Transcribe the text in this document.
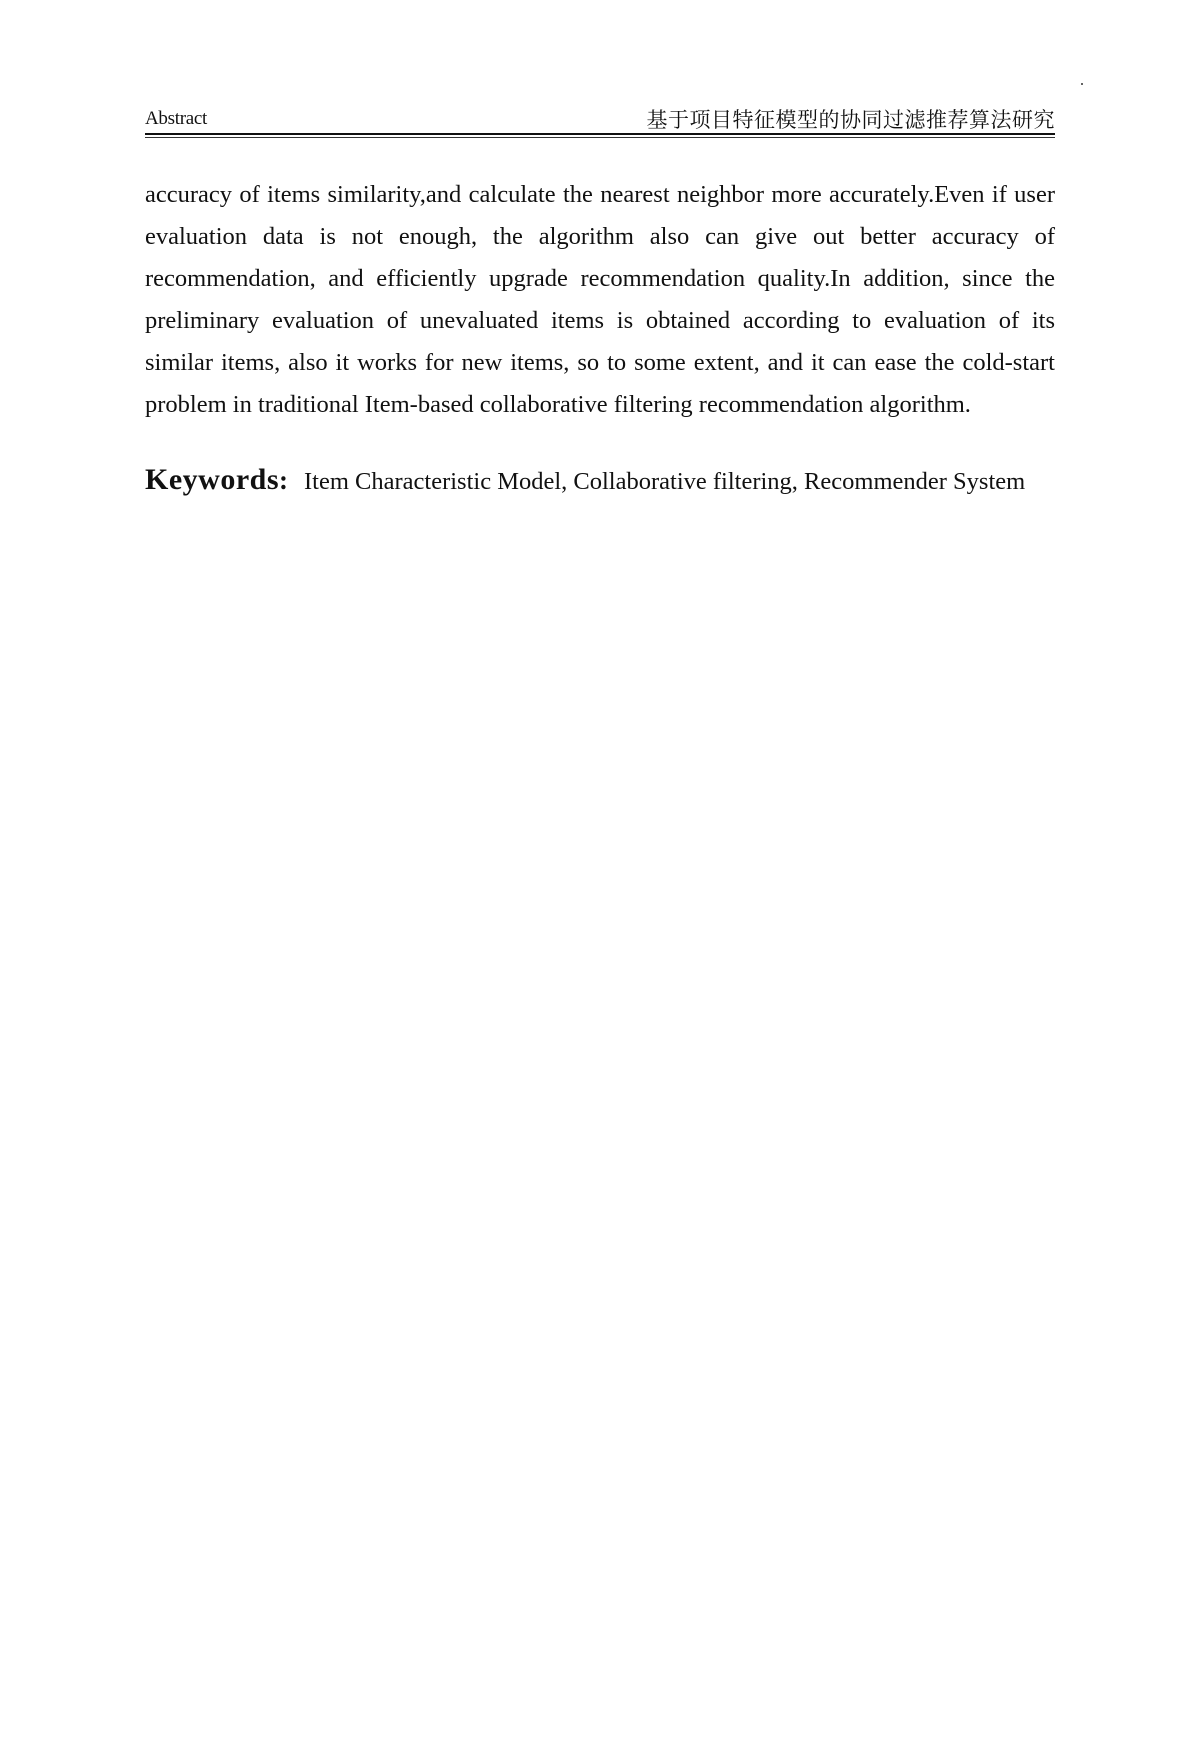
Abstract	基于项目特征模型的协同过滤推荐算法研究
accuracy of items similarity,and calculate the nearest neighbor more accurately.Even if user
evaluation data is not enough, the algorithm also can give out better accuracy of
recommendation, and efficiently upgrade recommendation quality.In addition, since the
preliminary evaluation of unevaluated items is obtained according to evaluation of its
similar items, also it works for new items, so to some extent, and it can ease the cold-start
problem in traditional Item-based collaborative filtering recommendation algorithm.
Keywords: Item Characteristic Model, Collaborative filtering, Recommender System
